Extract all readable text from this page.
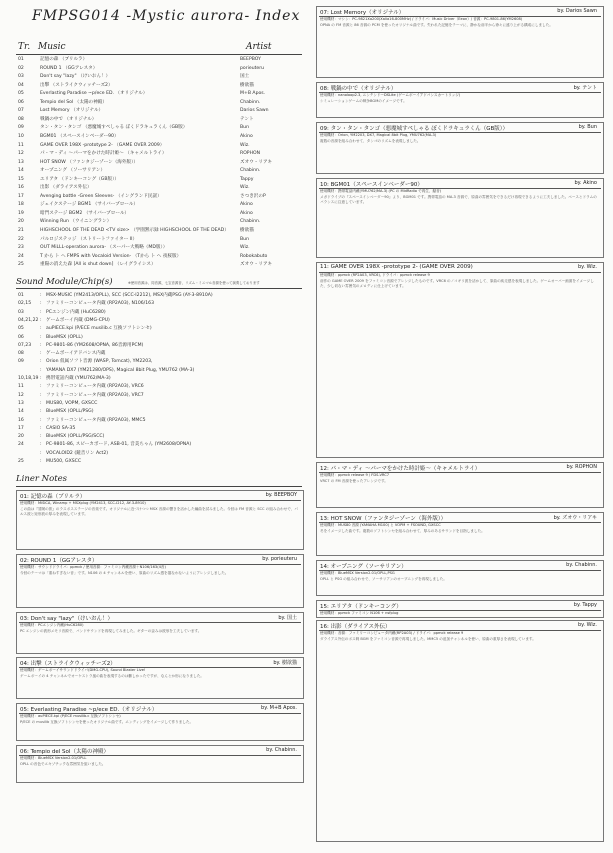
FMPSG014 -Mystic aurora- Index
Tr. Music	Artist
01	記憶の森 （ブリルラ）	BEEPBOY
02	ROUND 1 （GGアレスタ）	porieuteru
03	Don't say "lazy" （けいおん！）	国土
04	出撃 （ストライクウィッチーズ2）	樹欲猫
05	Everlasting Paradise ~p/ece ED. （オリジナル）	M+B Apos.
06	Tempio del Sol （太陽の神殿）	Chabinn.
07	Lost Memory （オリジナル）	Darios Sawn
08	戦鍋の中で （オリジナル）	テント
09	タン・タン・タンゴ （悪魔城すぺしゃる ぼくドラキュラくん（GB版）	Bun
10	BGM01 （スペースインベーダー90）	Akino
11	GAME OVER 198X -prototype 2- （GAME OVER 2009）	Wiz.
12	パ・マ・ディ ～パーマをかけた時計姫～ （キャメルトライ）	ROPHON
13	HOT SNOW （ファンタジーゾーン（海外版））	ズオウ・リアキ
14	オープニング （ソーサリアン）	Chabinn.
15	エリアタ （ドンキーコング（GB版））	Tappy
16	出影 （ダライアス外伝）	Wiz.
17	Avenging battle -Green Sleeves- （イングランド民謡）	さつき沢のP
18	ジェイクステージ BGM1 （サイバープロール）	Akino
19	暗門ステージ BGM2 （サイバープロール）	Akino
20	Winning Run （ウイニングラン）	Chabinn.
21	HIGHSCHOOL OF THE DEAD <TV size> （学園黙示録 HIGHSCHOOL OF THE DEAD） 樹欲猫
22	パルロジステッジ （ストリートファイター II）	Bun
23	OUT MiLLL-operation aurora- （スーパー大戦略（MD版））	Wiz.
24	T から ト へ FMPS with Vocaloid Version- （Tから ト へ 夜桜版）	Robokabuto
25	重陽の消えた森 [All is shut down] （レイグライシス）	ズオウ・リアキ
Sound Module/Chip(s)	※使用音源は、同音源、七宝音源音、リズム・ミニマル音源を使って演奏しております
01	: MSX-MUSIC (YM2413/OPLL), SCC (SCC-I2212), MSX内蔵PSG (AY-3-8910A)
02,15 : ファミリーコンピュータ内蔵 (RP2A03), N106/163
03	: PCエンジン内蔵 (HuC6280)
04,21,22 : ゲームボーイ内蔵 (DMG-CPU)
05	: auPIECE.kpi (P/ECE musilib.c 互換ソフトシンセ)
06	: BlueMSX (OPLL)
07,23 : PC-9801-86 (YM2608/OPNA, 86音源用PCM)
08	: ゲームボーイアドバンス内蔵
09	: Orion 仮属ソフト音源 (WASP, Tomcat), YM2203,
: YAMANA DX7 (YM21280/OPS), Magical 8bit Plug, YMU762 (MA-3)
10,18,19 : 携帯電話内蔵 (YMU762/MA-3)
11	: ファミリーコンピュータ内蔵 (RP2A03), VRC6
12	: ファミリーコンピュータ内蔵 (RP2A03), VRC7
13	: MUS80, VOPM, GXSCC
14	: BlueMSX (OPLL/PSG)
16	: ファミリーコンピュータ内蔵 (RP2A03), MMC5
17	: CASIO SA-35
20	: BlueMSX (OPLL/PSG/SCC)
24	: PC-9801-86, スピーカボード, ASB-01, 音美ちゃん (YM2608/OPNA)
: VOCALOID2 (鏡音リン Act2)
25	: MU500, GXSCC
Liner Notes
01: 記憶の森（ブリルラ）	by. BEEPBOY
使用機材：MiSICA, Winamp + MSXplug (YM2413, SCC-I212, AY-3-8910)
この曲は『冒険の旅』のラスボスステージの音楽です。オリジナルに近づけつつ MSX 音源の響きを活かした編曲を試みました。今回は FM 音源と SCC の組み合わせで、パルス波と矩形波の厚みを表現しています。
02: ROUND 1（GGアレスタ）	by. porieuteru
使用機材：サウンドドライバ：ppmck / 使用音源：ファミコン内蔵音源＋N106/163(4音)
今回のテーマは「重ねすぎない音」です。N106 の 4 チャンネルを使い、原曲のリズム感を損なわないようにアレンジしました。
03: Don't say "lazy"（けいおん！）	by. 国土
使用機材：PCエンジン内蔵(HuC6280)
PC エンジンの波形メモリ音源で、バンドサウンドを再現してみました。ギターの歪みは波形を工夫しています。
04: 出撃（ストライクウィッチーズ2）	by. 樹欲猫
使用機材：ゲームボーイサウンドドライバ(DMG-CPU), Sound Blaster Live!
ゲームボーイの 4 チャンネルでオーケストラ風の曲を表現するのは難しかったですが、なんとか形になりました。
05: Everlasting Paradise ~p/ece ED.（オリジナル）	by. M+B Apos.
使用機材：auPIECE.kpi (P/ECE musilib.c 互換ソフトシンセ)
P/ECE の musilib 互換ソフトシンセを使ったオリジナル曲です。エンディングをイメージして作りました。
06: Tempio del Sol（太陽の神殿）	by. Chabinn.
使用機材：BlueMSX Version2.01/OPLL
OPLL の音色でエキゾチックな雰囲気を狙いました。
07: Lost Memory（オリジナル）	by. Darios Sawn
使用機材：マシン：PC-9821Xa200(Xalia16-800MHz) / ドライバ：Music Driver（Eeon）/ 音源：PC-9801-86(YM2608)
OPNA の FM 音源と 86 音源の PCM を使ったオリジナル曲です。失われた記憶をテーマに、静かな前半から徐々に盛り上がる構成にしました。
08: 戦鍋の中で（オリジナル）	by. テント
使用機材：nanoloop2.3, ニンテンドーDSLite (ゲームボーイアドバンスカートリッジ)
シミュレーションゲームの戦争BGMのイメージです。
09: タン・タン・タンゴ（悪魔城すぺしゃる ぼくドラキュラくん（GB版））	by. Bun
使用機材：Orion, YM2203, DX7, Magical 8bit Plug, YMU762(MA-3)
複数の音源を組み合わせて、タンゴのリズムを表現しました。
10: BGM01（スペースインベーダー90）	by. Akino
使用機材：携帯電話内蔵(YMU762/MA-3) (PC の MidRadio で再生、録音)
メガドライブの『スペースインベーダー90』より、BGM01 です。携帯電話の MA-3 音源で、原曲の雰囲気をできるだけ再現できるように工夫しました。ベースとドラムのバランスに注意しています。
11: GAME OVER 198X -prototype 2- (GAME OVER 2009)	by. Wiz.
使用機材：ppmck (RP2A03, VRC6), ドライバ：ppmck release 9
前作の GAME OVER 2009 をファミコン音源でアレンジしたものです。VRC6 のノコギリ波を活かして、原曲の疾走感を表現しました。ゲームオーバー画面をイメージした、少し切ない雰囲気のメロディに仕上げています。
12: パ・マ・ディ ～パーマをかけた時計姫～（キャメルトライ）	by. ROPHON
使用機材：ppmck release 9 / FDS-VRC7
VRC7 の FM 音源を使ったアレンジです。
13: HOT SNOW（ファンタジーゾーン（海外版））	by. ズオウ・リアキ
使用機材：MUS80 音源 (YAMAHA M100) と VOPM + FSOUND, GXSCC
冬をイメージした曲です。複数のソフトシンセを組み合わせて、厚みのあるサウンドを目指しました。
14: オープニング（ソーサリアン）	by. Chabinn.
使用機材：BlueMSX Version2.01/OPLL,PSG
OPLL と PSG の組み合わせで、ソーサリアンのオープニングを再現しました。
15: エリアタ（ドンキーコング）	by. Tappy
使用機材：ppmck ファミコン N106 + nsfplug
16: 出影（ダライアス外伝）	by. Wiz.
使用機材：音源：ファミリーコンピュータ内蔵(RP2A03) / ドライバ：ppmck release 9
ダライアス外伝のボス戦 BGM をファミコン音源で再現しました。MMC5 の追加チャンネルを使い、原曲の重厚さを表現しています。
